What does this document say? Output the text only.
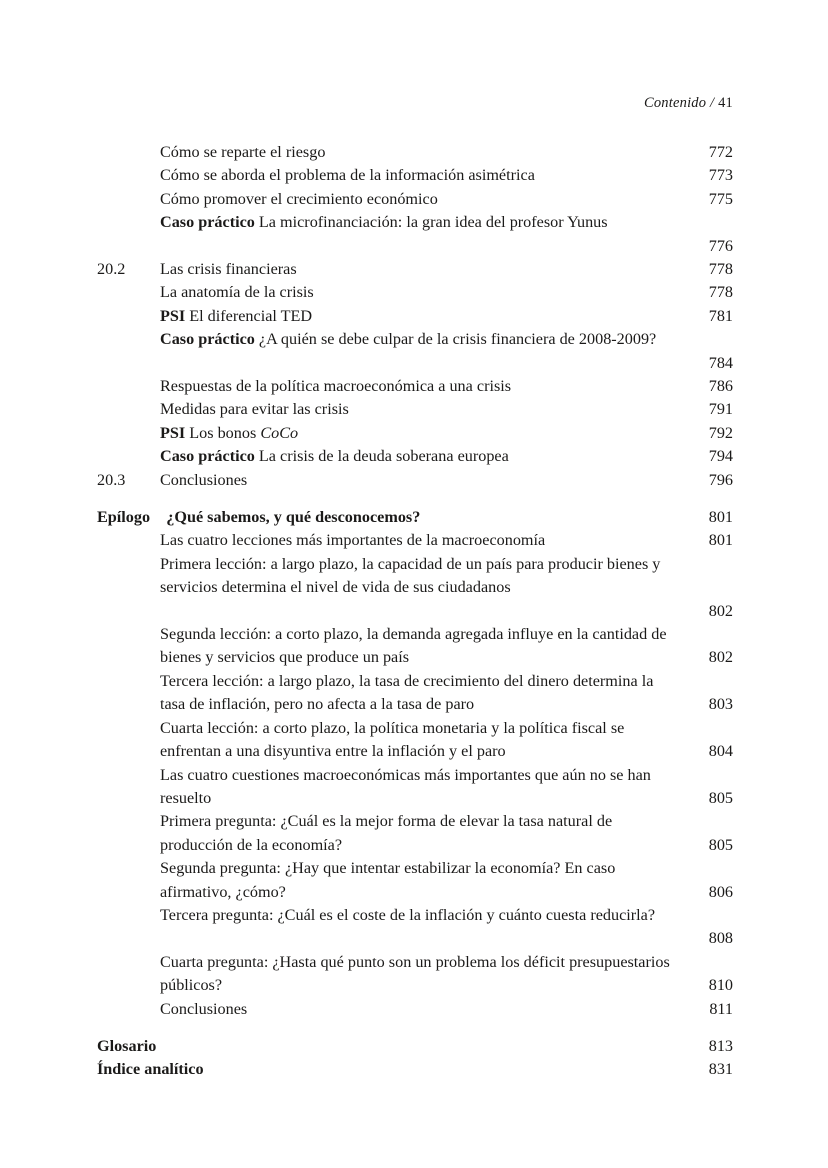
Contenido / 41
Cómo se reparte el riesgo	772
Cómo se aborda el problema de la información asimétrica	773
Cómo promover el crecimiento económico	775
Caso práctico La microfinanciación: la gran idea del profesor Yunus
776
20.2	Las crisis financieras	778
La anatomía de la crisis	778
PSI El diferencial TED	781
Caso práctico ¿A quién se debe culpar de la crisis financiera de 2008-2009?
784
Respuestas de la política macroeconómica a una crisis	786
Medidas para evitar las crisis	791
PSI Los bonos CoCo	792
Caso práctico La crisis de la deuda soberana europea	794
20.3	Conclusiones	796
Epílogo   ¿Qué sabemos, y qué desconocemos?	801
Las cuatro lecciones más importantes de la macroeconomía	801
Primera lección: a largo plazo, la capacidad de un país para producir bienes y servicios determina el nivel de vida de sus ciudadanos
802
Segunda lección: a corto plazo, la demanda agregada influye en la cantidad de bienes y servicios que produce un país	802
Tercera lección: a largo plazo, la tasa de crecimiento del dinero determina la tasa de inflación, pero no afecta a la tasa de paro	803
Cuarta lección: a corto plazo, la política monetaria y la política fiscal se enfrentan a una disyuntiva entre la inflación y el paro	804
Las cuatro cuestiones macroeconómicas más importantes que aún no se han resuelto	805
Primera pregunta: ¿Cuál es la mejor forma de elevar la tasa natural de producción de la economía?	805
Segunda pregunta: ¿Hay que intentar estabilizar la economía? En caso afirmativo, ¿cómo?	806
Tercera pregunta: ¿Cuál es el coste de la inflación y cuánto cuesta reducirla?
808
Cuarta pregunta: ¿Hasta qué punto son un problema los déficit presupuestarios públicos?	810
Conclusiones	811
Glosario	813
Índice analítico	831
